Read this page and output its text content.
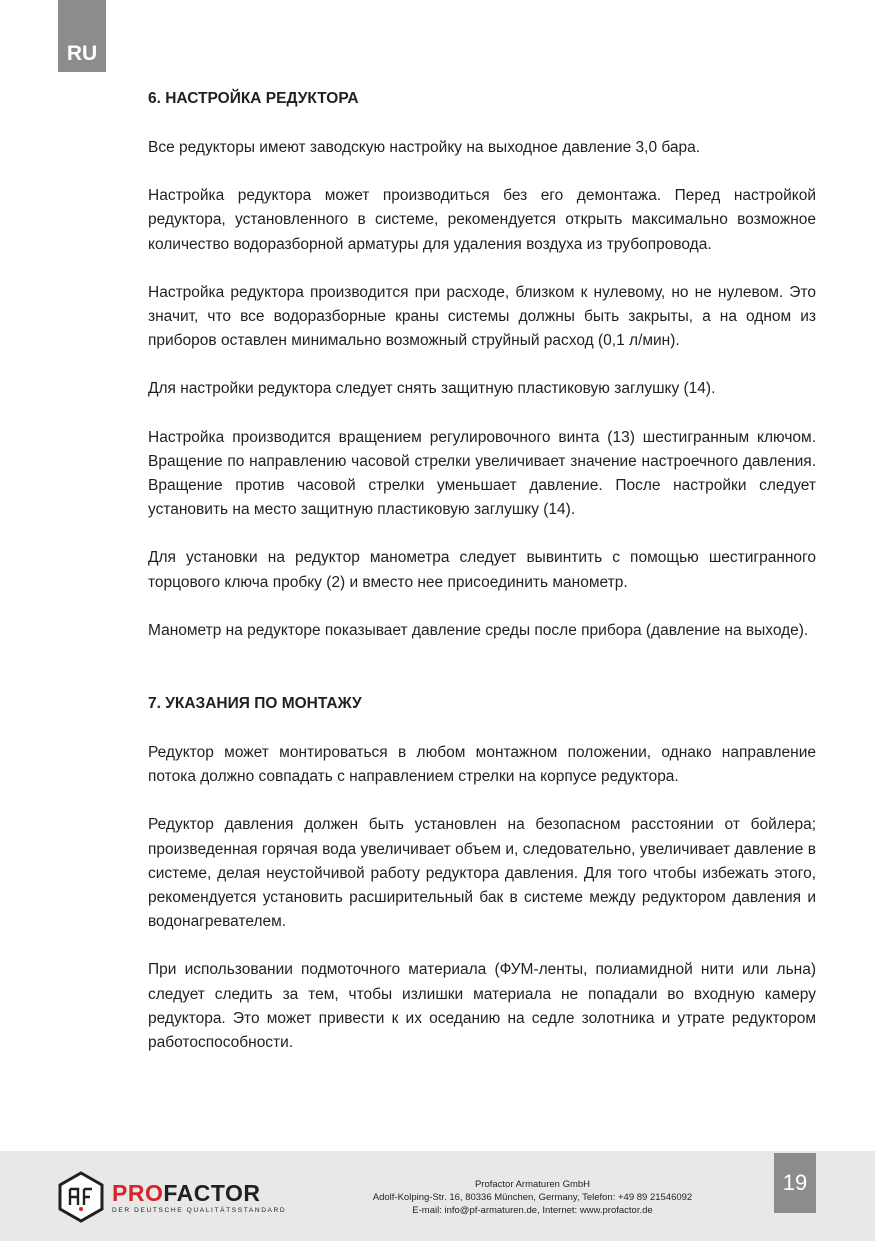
RU
6. НАСТРОЙКА РЕДУКТОРА

Все редукторы имеют заводскую настройку на выходное давление 3,0 бара.

Настройка редуктора может производиться без его демонтажа. Перед настройкой редуктора, установленного в системе, рекомендуется открыть максимально возможное количество водоразборной арматуры для удаления воздуха из трубопровода.

Настройка редуктора производится при расходе, близком к нулевому, но не нулевом. Это значит, что все водоразборные краны системы должны быть закрыты, а на одном из приборов оставлен минимально возможный струйный расход (0,1 л/мин).

Для настройки редуктора следует снять защитную пластиковую заглушку (14).

Настройка производится вращением регулировочного винта (13) шестигранным ключом. Вращение по направлению часовой стрелки увеличивает значение настроечного давления. Вращение против часовой стрелки уменьшает давление. После настройки следует установить на место защитную пластиковую заглушку (14).

Для установки на редуктор манометра следует вывинтить с помощью шестигранного торцового ключа пробку (2) и вместо нее присоединить манометр.

Манометр на редукторе показывает давление среды после прибора (давление на выходе).

7. УКАЗАНИЯ ПО МОНТАЖУ

Редуктор может монтироваться в любом монтажном положении, однако направление потока должно совпадать с направлением стрелки на корпусе редуктора.

Редуктор давления должен быть установлен на безопасном расстоянии от бойлера; произведенная горячая вода увеличивает объем и, следовательно, увеличивает давление в системе, делая неустойчивой работу редуктора давления. Для того чтобы избежать этого, рекомендуется установить расширительный бак в системе между редуктором давления и водонагревателем.

При использовании подмоточного материала (ФУМ-ленты, полиамидной нити или льна) следует следить за тем, чтобы излишки материала не попадали во входную камеру редуктора. Это может привести к их оседанию на седле золотника и утрате редуктором работоспособности.

PROFACTOR
DER DEUTSCHE QUALITÄTSSTANDARD
Profactor Armaturen GmbH
Adolf-Kolping-Str. 16, 80336 München, Germany, Telefon: +49 89 21546092
E-mail: info@pf-armaturen.de, Internet: www.profactor.de
19
